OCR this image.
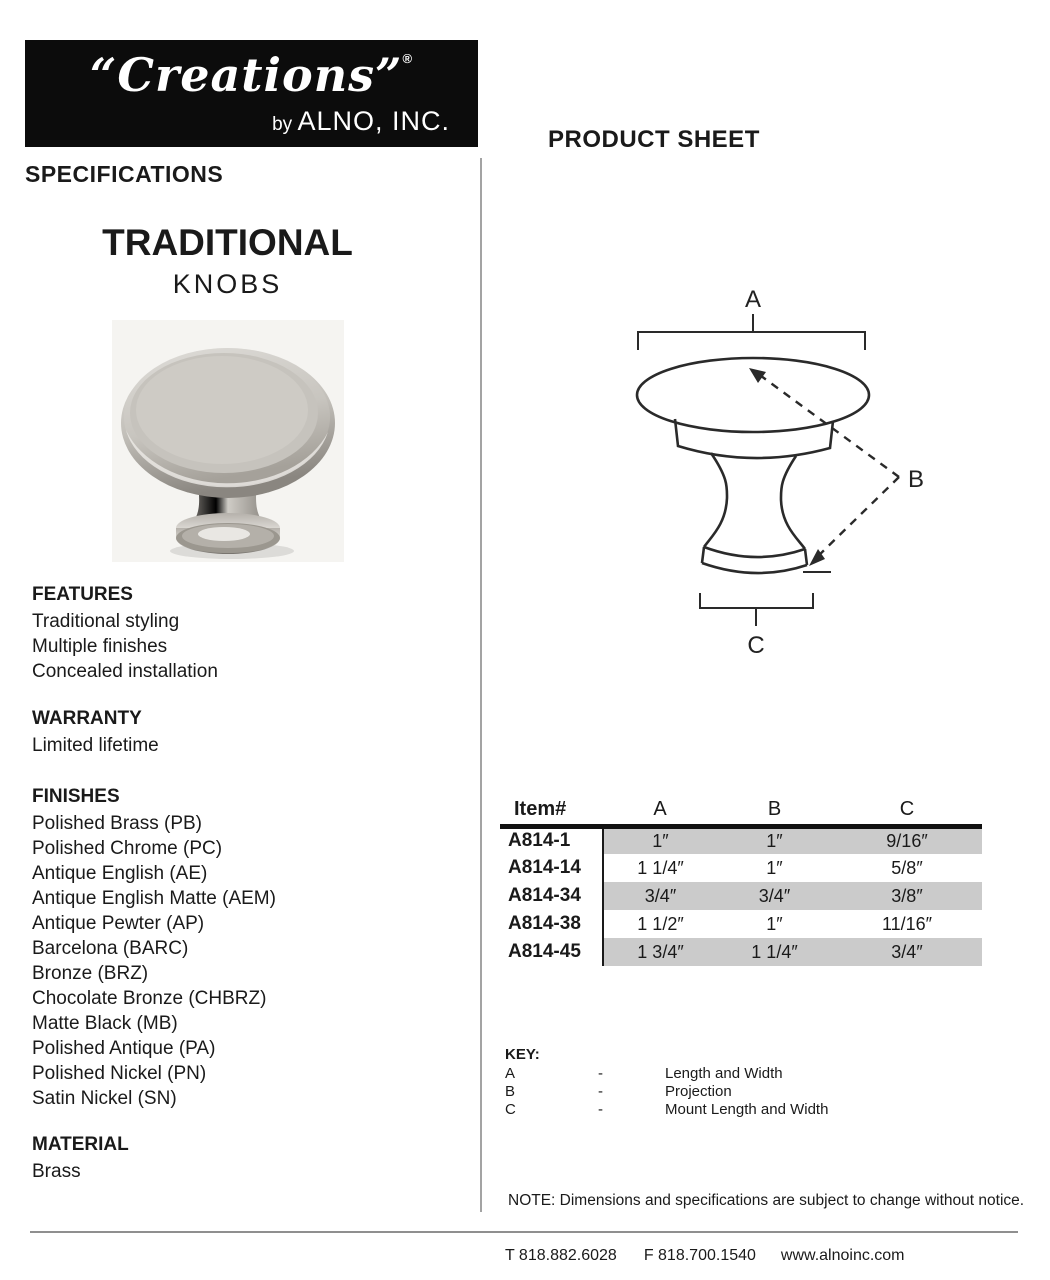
“Creations”®
by ALNO, INC.
PRODUCT SHEET
SPECIFICATIONS
TRADITIONAL
KNOBS
FEATURES
Traditional styling
Multiple finishes
Concealed installation
WARRANTY
Limited lifetime
FINISHES
Polished Brass (PB)
Polished Chrome (PC)
Antique English (AE)
Antique English Matte (AEM)
Antique Pewter (AP)
Barcelona (BARC)
Bronze (BRZ)
Chocolate Bronze (CHBRZ)
Matte Black (MB)
Polished Antique (PA)
Polished Nickel (PN)
Satin Nickel (SN)
MATERIAL
Brass
A
B
C
Item#	A	B	C
A814-1	1″	1″	9/16″
A814-14	1 1/4″	1″	5/8″
A814-34	3/4″	3/4″	3/8″
A814-38	1 1/2″	1″	11/16″
A814-45	1 3/4″	1 1/4″	3/4″
KEY:
A	-	Length and Width
B	-	Projection
C	-	Mount Length and Width
NOTE: Dimensions and specifications are subject to change without notice.
T 818.882.6028 F 818.700.1540 www.alnoinc.com
